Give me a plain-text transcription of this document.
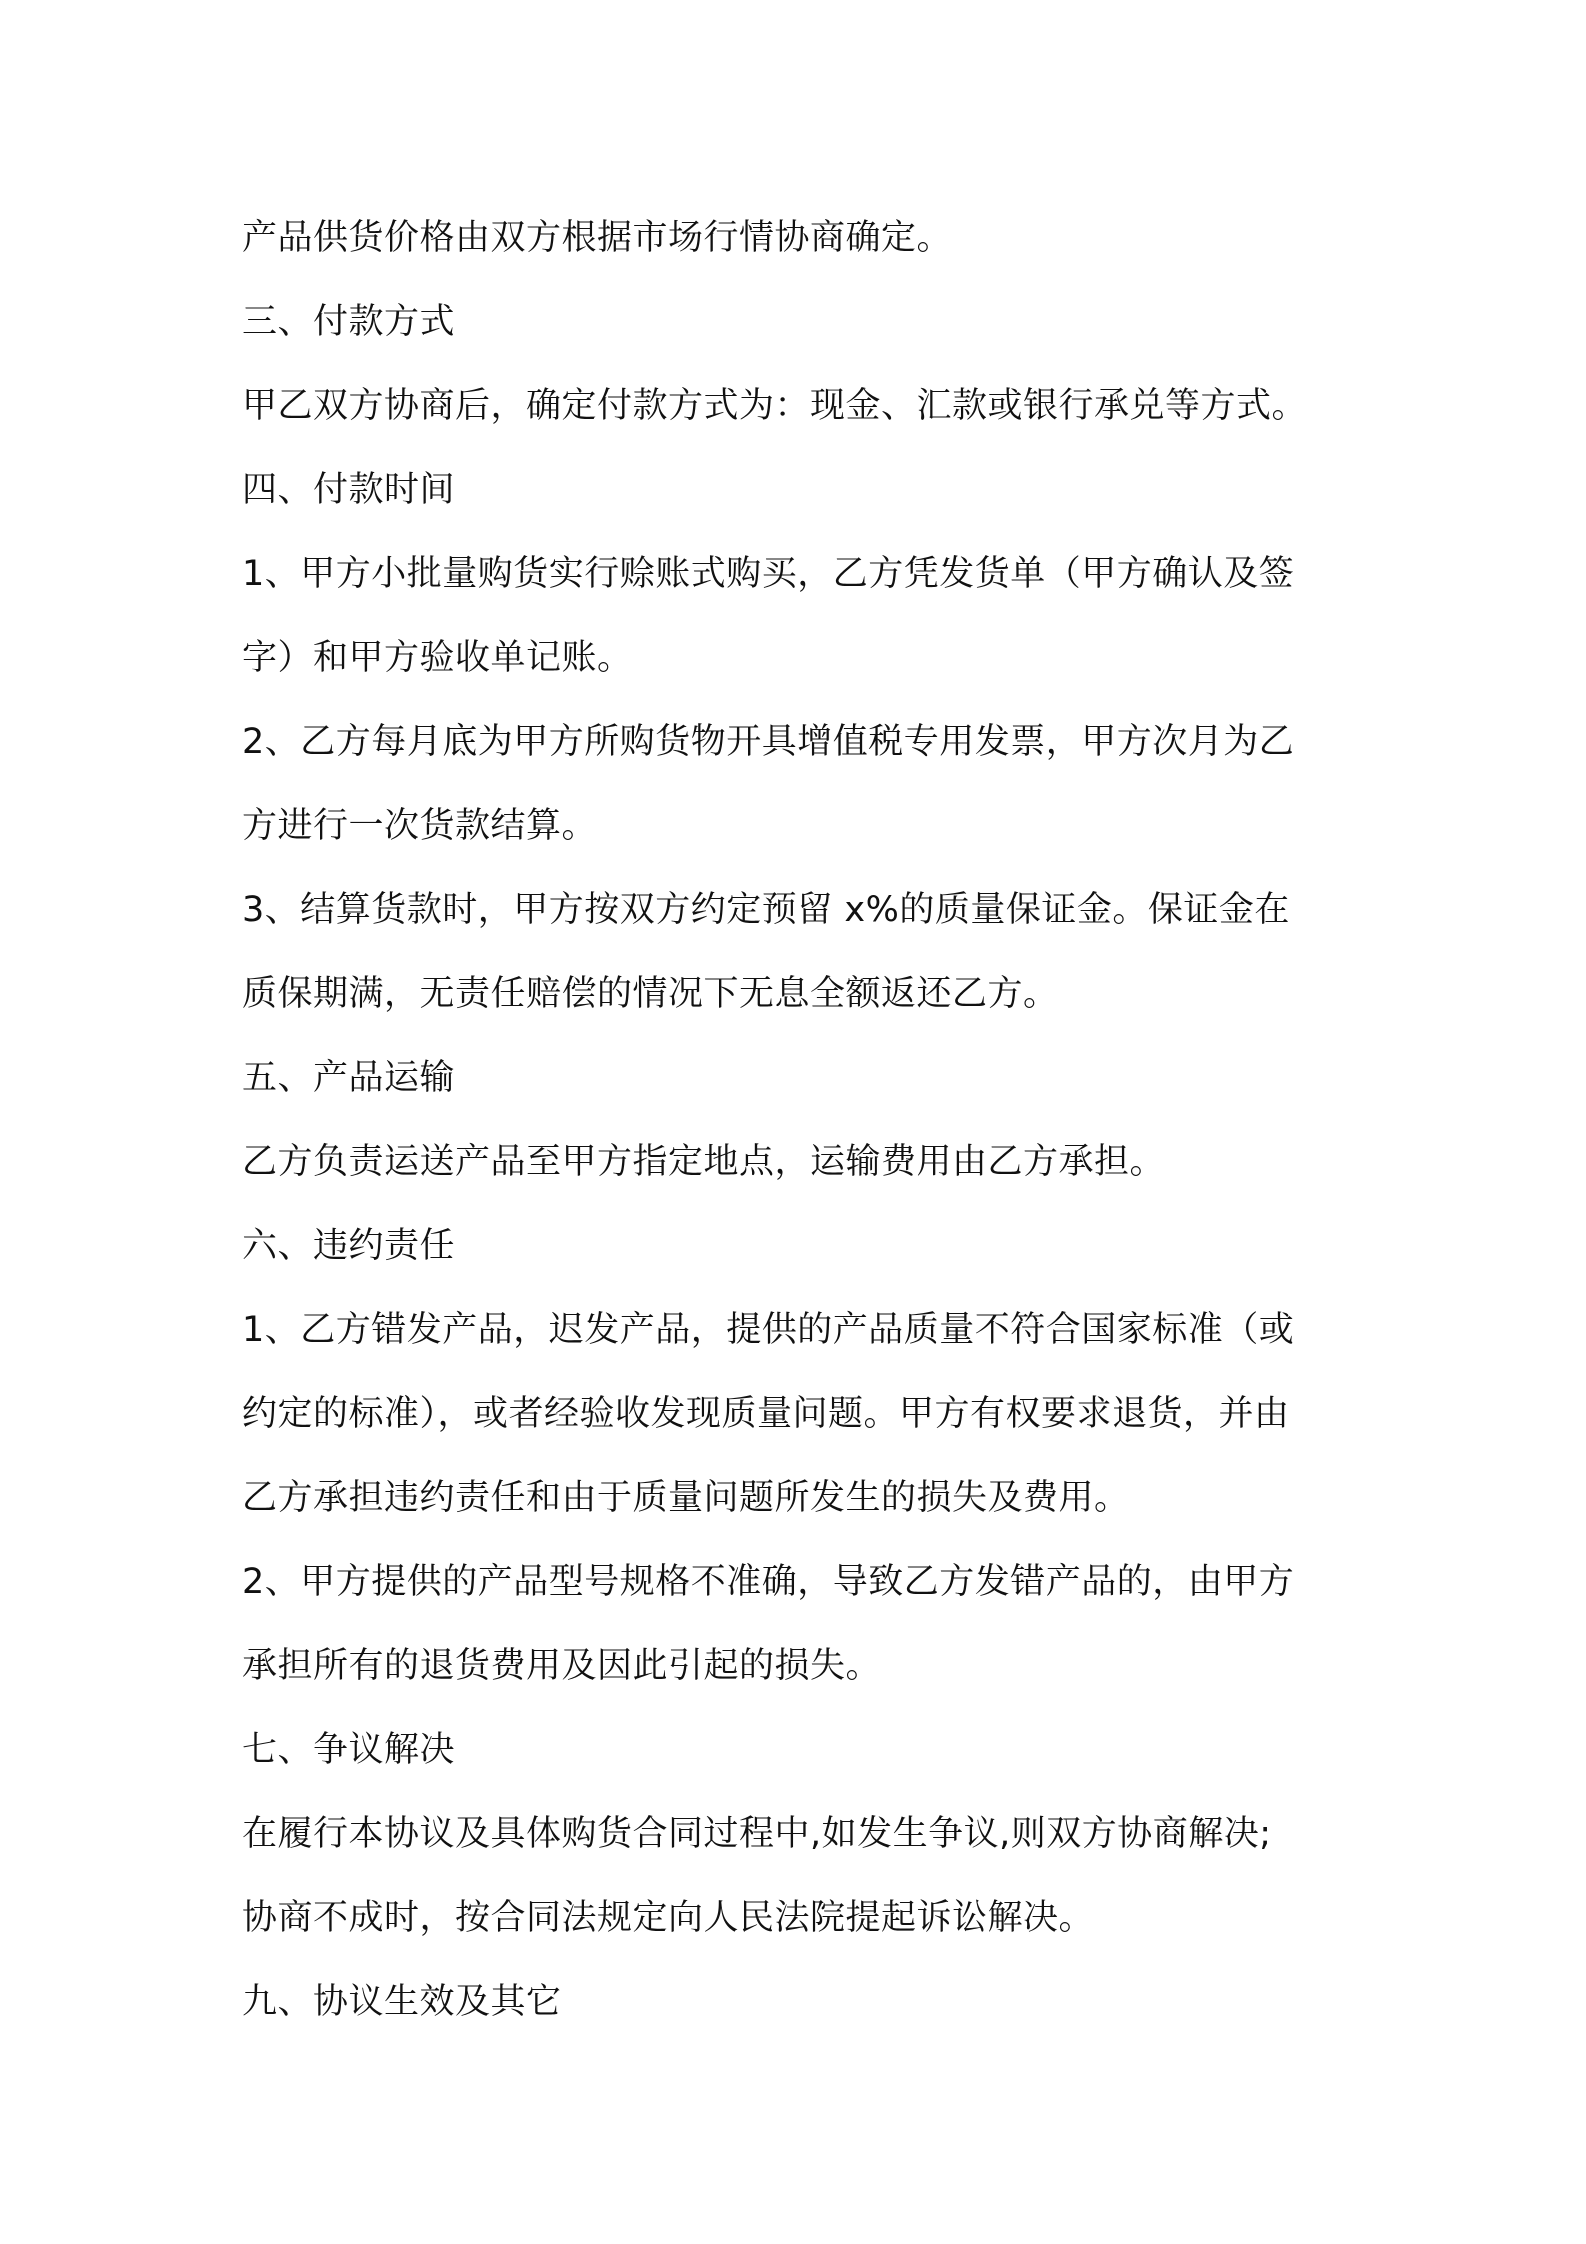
产品供货价格由双方根据市场行情协商确定。
三、付款方式
甲乙双方协商后，确定付款方式为：现金、汇款或银行承兑等方式。
四、付款时间
1、甲方小批量购货实行赊账式购买，乙方凭发货单（甲方确认及签
字）和甲方验收单记账。
2、乙方每月底为甲方所购货物开具增值税专用发票，甲方次月为乙
方进行一次货款结算。
3、结算货款时，甲方按双方约定预留 x%的质量保证金。保证金在
质保期满，无责任赔偿的情况下无息全额返还乙方。
五、产品运输
乙方负责运送产品至甲方指定地点，运输费用由乙方承担。
六、违约责任
1、乙方错发产品，迟发产品，提供的产品质量不符合国家标准（或
约定的标准），或者经验收发现质量问题。甲方有权要求退货，并由
乙方承担违约责任和由于质量问题所发生的损失及费用。
2、甲方提供的产品型号规格不准确，导致乙方发错产品的，由甲方
承担所有的退货费用及因此引起的损失。
七、争议解决
在履行本协议及具体购货合同过程中,如发生争议,则双方协商解决;
协商不成时，按合同法规定向人民法院提起诉讼解决。
九、协议生效及其它
